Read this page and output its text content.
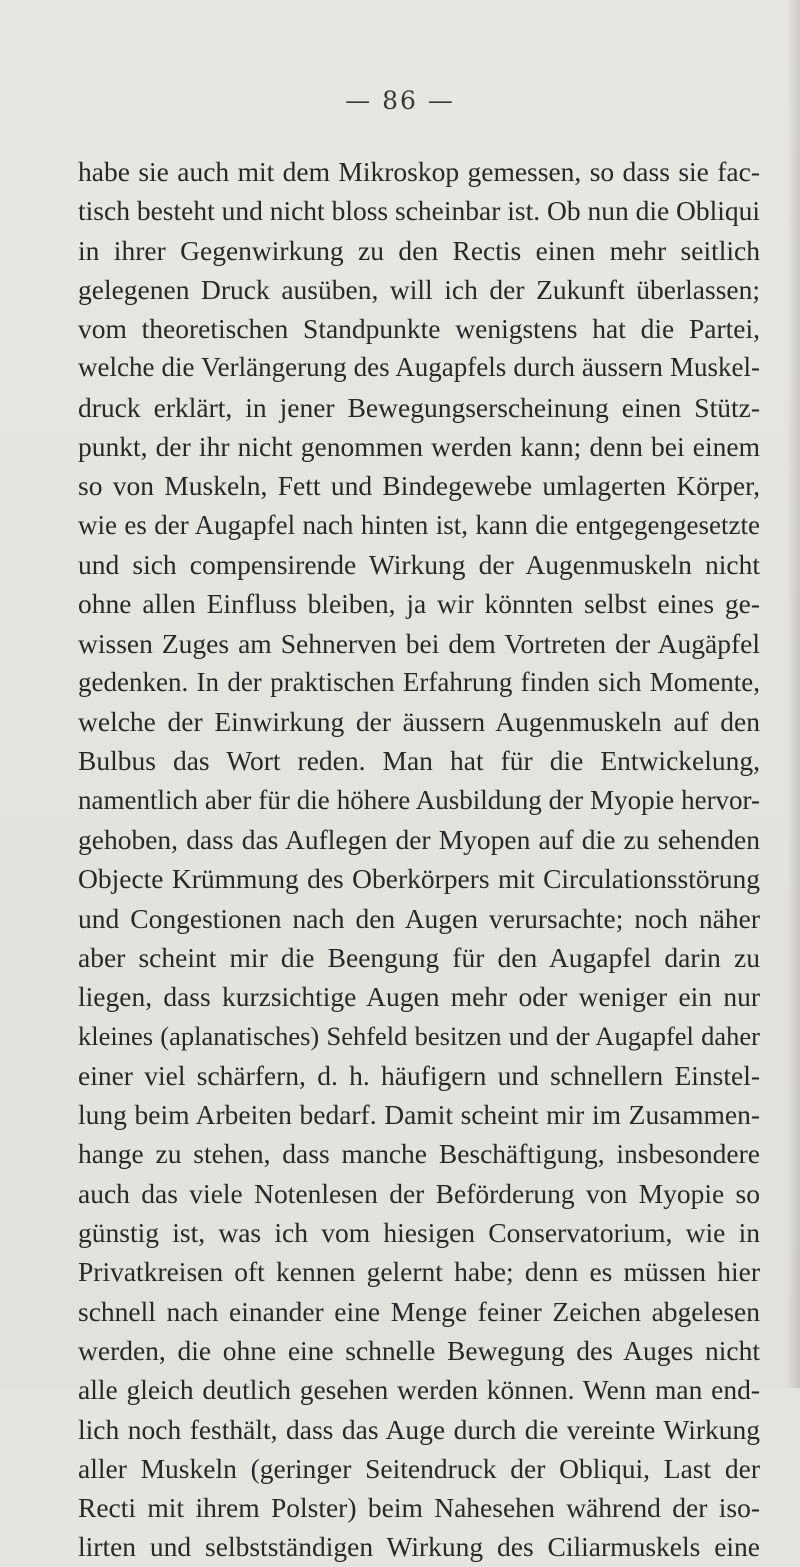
— 86 —
habe sie auch mit dem Mikroskop gemessen, so dass sie fac-
tisch besteht und nicht bloss scheinbar ist. Ob nun die Obliqui
in ihrer Gegenwirkung zu den Rectis einen mehr seitlich
gelegenen Druck ausüben, will ich der Zukunft überlassen;
vom theoretischen Standpunkte wenigstens hat die Partei,
welche die Verlängerung des Augapfels durch äussern Muskel-
druck erklärt, in jener Bewegungserscheinung einen Stütz-
punkt, der ihr nicht genommen werden kann; denn bei einem
so von Muskeln, Fett und Bindegewebe umlagerten Körper,
wie es der Augapfel nach hinten ist, kann die entgegengesetzte
und sich compensirende Wirkung der Augenmuskeln nicht
ohne allen Einfluss bleiben, ja wir könnten selbst eines ge-
wissen Zuges am Sehnerven bei dem Vortreten der Augäpfel
gedenken. In der praktischen Erfahrung finden sich Momente,
welche der Einwirkung der äussern Augenmuskeln auf den
Bulbus das Wort reden. Man hat für die Entwickelung,
namentlich aber für die höhere Ausbildung der Myopie hervor-
gehoben, dass das Auflegen der Myopen auf die zu sehenden
Objecte Krümmung des Oberkörpers mit Circulationsstörung
und Congestionen nach den Augen verursachte; noch näher
aber scheint mir die Beengung für den Augapfel darin zu
liegen, dass kurzsichtige Augen mehr oder weniger ein nur
kleines (aplanatisches) Sehfeld besitzen und der Augapfel daher
einer viel schärfern, d. h. häufigern und schnellern Einstel-
lung beim Arbeiten bedarf. Damit scheint mir im Zusammen-
hange zu stehen, dass manche Beschäftigung, insbesondere
auch das viele Notenlesen der Beförderung von Myopie so
günstig ist, was ich vom hiesigen Conservatorium, wie in
Privatkreisen oft kennen gelernt habe; denn es müssen hier
schnell nach einander eine Menge feiner Zeichen abgelesen
werden, die ohne eine schnelle Bewegung des Auges nicht
alle gleich deutlich gesehen werden können. Wenn man end-
lich noch festhält, dass das Auge durch die vereinte Wirkung
aller Muskeln (geringer Seitendruck der Obliqui, Last der
Recti mit ihrem Polster) beim Nahesehen während der iso-
lirten und selbstständigen Wirkung des Ciliarmuskels eine
